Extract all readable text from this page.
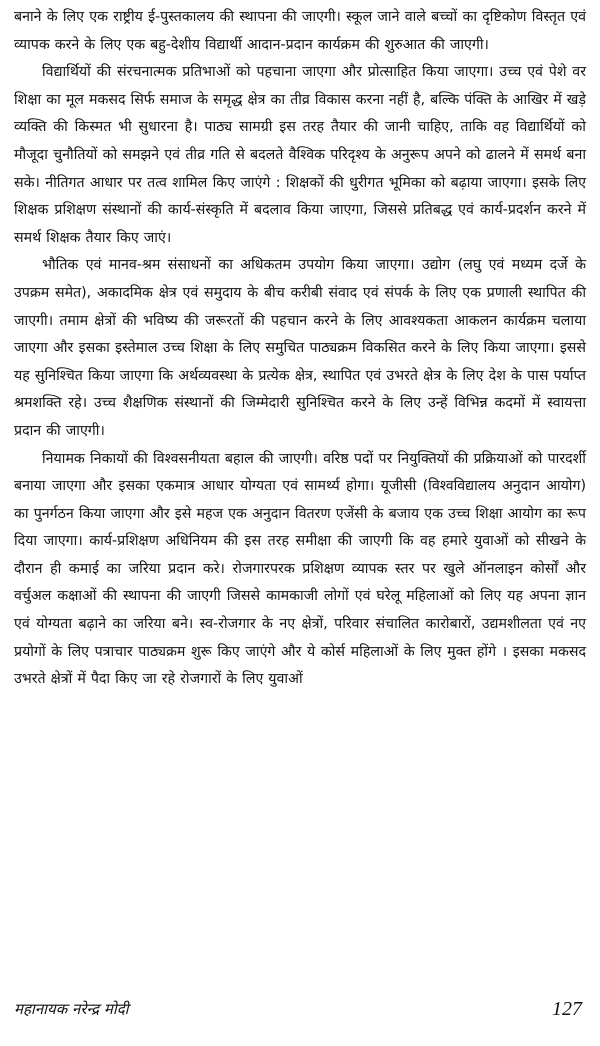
बनाने के लिए एक राष्ट्रीय ई-पुस्तकालय की स्थापना की जाएगी। स्कूल जाने वाले बच्चों का दृष्टिकोण विस्तृत एवं व्यापक करने के लिए एक बहु-देशीय विद्यार्थी आदान-प्रदान कार्यक्रम की शुरुआत की जाएगी।

विद्यार्थियों की संरचनात्मक प्रतिभाओं को पहचाना जाएगा और प्रोत्साहित किया जाएगा। उच्च एवं पेशे वर शिक्षा का मूल मकसद सिर्फ समाज के समृद्ध क्षेत्र का तीव्र विकास करना नहीं है, बल्कि पंक्ति के आखिर में खड़े व्यक्ति की किस्मत भी सुधारना है। पाठ्य सामग्री इस तरह तैयार की जानी चाहिए, ताकि वह विद्यार्थियों को मौजूदा चुनौतियों को समझने एवं तीव्र गति से बदलते वैश्विक परिदृश्य के अनुरूप अपने को ढालने में समर्थ बना सके। नीतिगत आधार पर तत्व शामिल किए जाएंगे : शिक्षकों की धुरीगत भूमिका को बढ़ाया जाएगा। इसके लिए शिक्षक प्रशिक्षण संस्थानों की कार्य-संस्कृति में बदलाव किया जाएगा, जिससे प्रतिबद्ध एवं कार्य-प्रदर्शन करने में समर्थ शिक्षक तैयार किए जाएं।

भौतिक एवं मानव-श्रम संसाधनों का अधिकतम उपयोग किया जाएगा। उद्योग (लघु एवं मध्यम दर्जे के उपक्रम समेत), अकादमिक क्षेत्र एवं समुदाय के बीच करीबी संवाद एवं संपर्क के लिए एक प्रणाली स्थापित की जाएगी। तमाम क्षेत्रों की भविष्य की जरूरतों की पहचान करने के लिए आवश्यकता आकलन कार्यक्रम चलाया जाएगा और इसका इस्तेमाल उच्च शिक्षा के लिए समुचित पाठ्यक्रम विकसित करने के लिए किया जाएगा। इससे यह सुनिश्चित किया जाएगा कि अर्थव्यवस्था के प्रत्येक क्षेत्र, स्थापित एवं उभरते क्षेत्र के लिए देश के पास पर्याप्त श्रमशक्ति रहे। उच्च शैक्षणिक संस्थानों की जिम्मेदारी सुनिश्चित करने के लिए उन्हें विभिन्न कदमों में स्वायत्ता प्रदान की जाएगी।

नियामक निकायों की विश्वसनीयता बहाल की जाएगी। वरिष्ठ पदों पर नियुक्तियों की प्रक्रियाओं को पारदर्शी बनाया जाएगा और इसका एकमात्र आधार योग्यता एवं सामर्थ्य होगा। यूजीसी (विश्वविद्यालय अनुदान आयोग) का पुनर्गठन किया जाएगा और इसे महज एक अनुदान वितरण एजेंसी के बजाय एक उच्च शिक्षा आयोग का रूप दिया जाएगा। कार्य-प्रशिक्षण अधिनियम की इस तरह समीक्षा की जाएगी कि वह हमारे युवाओं को सीखने के दौरान ही कमाई का जरिया प्रदान करे। रोजगारपरक प्रशिक्षण व्यापक स्तर पर खुले ऑनलाइन कोर्सों और वर्चुअल कक्षाओं की स्थापना की जाएगी जिससे कामकाजी लोगों एवं घरेलू महिलाओं को लिए यह अपना ज्ञान एवं योग्यता बढ़ाने का जरिया बने। स्व-रोजगार के नए क्षेत्रों, परिवार संचालित कारोबारों, उद्यमशीलता एवं नए प्रयोगों के लिए पत्राचार पाठ्यक्रम शुरू किए जाएंगे और ये कोर्स महिलाओं के लिए मुक्त होंगे । इसका मकसद उभरते क्षेत्रों में पैदा किए जा रहे रोजगारों के लिए युवाओं

महानायक नरेन्द्र मोदी	127
